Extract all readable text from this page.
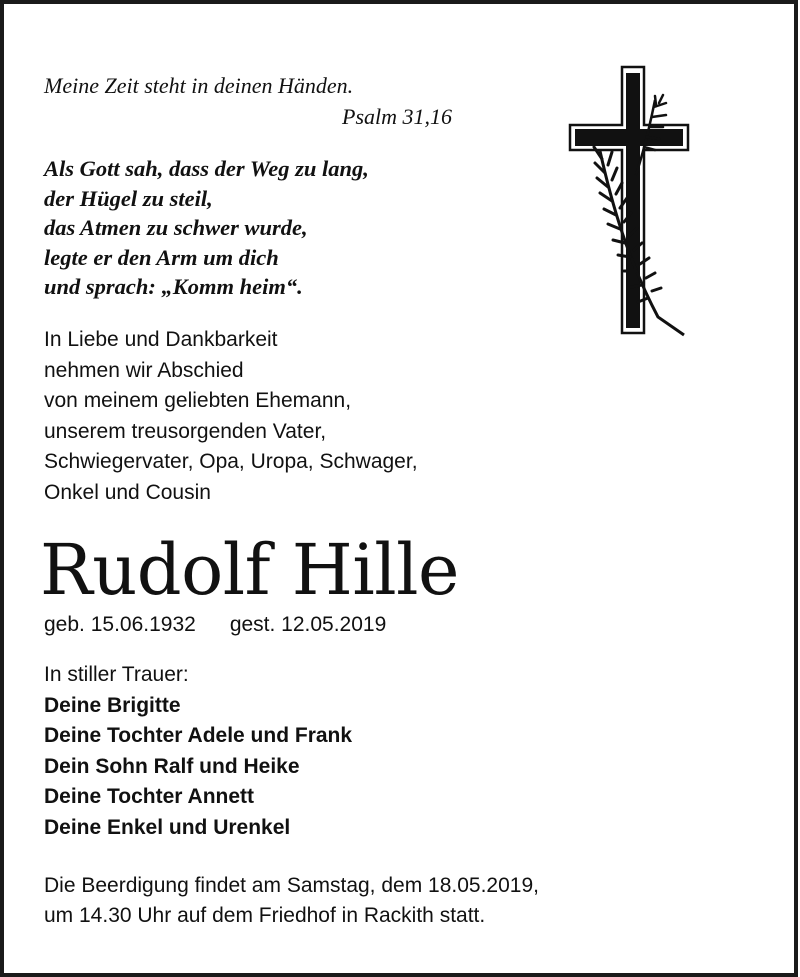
Meine Zeit steht in deinen Händen.
Psalm 31,16
Als Gott sah, dass der Weg zu lang,
der Hügel zu steil,
das Atmen zu schwer wurde,
legte er den Arm um dich
und sprach: „Komm heim“.
In Liebe und Dankbarkeit
nehmen wir Abschied
von meinem geliebten Ehemann,
unserem treusorgenden Vater,
Schwiegervater, Opa, Uropa, Schwager,
Onkel und Cousin
Rudolf Hille
geb. 15.06.1932 gest. 12.05.2019
In stiller Trauer:
Deine Brigitte
Deine Tochter Adele und Frank
Dein Sohn Ralf und Heike
Deine Tochter Annett
Deine Enkel und Urenkel
Die Beerdigung findet am Samstag, dem 18.05.2019,
um 14.30 Uhr auf dem Friedhof in Rackith statt.
